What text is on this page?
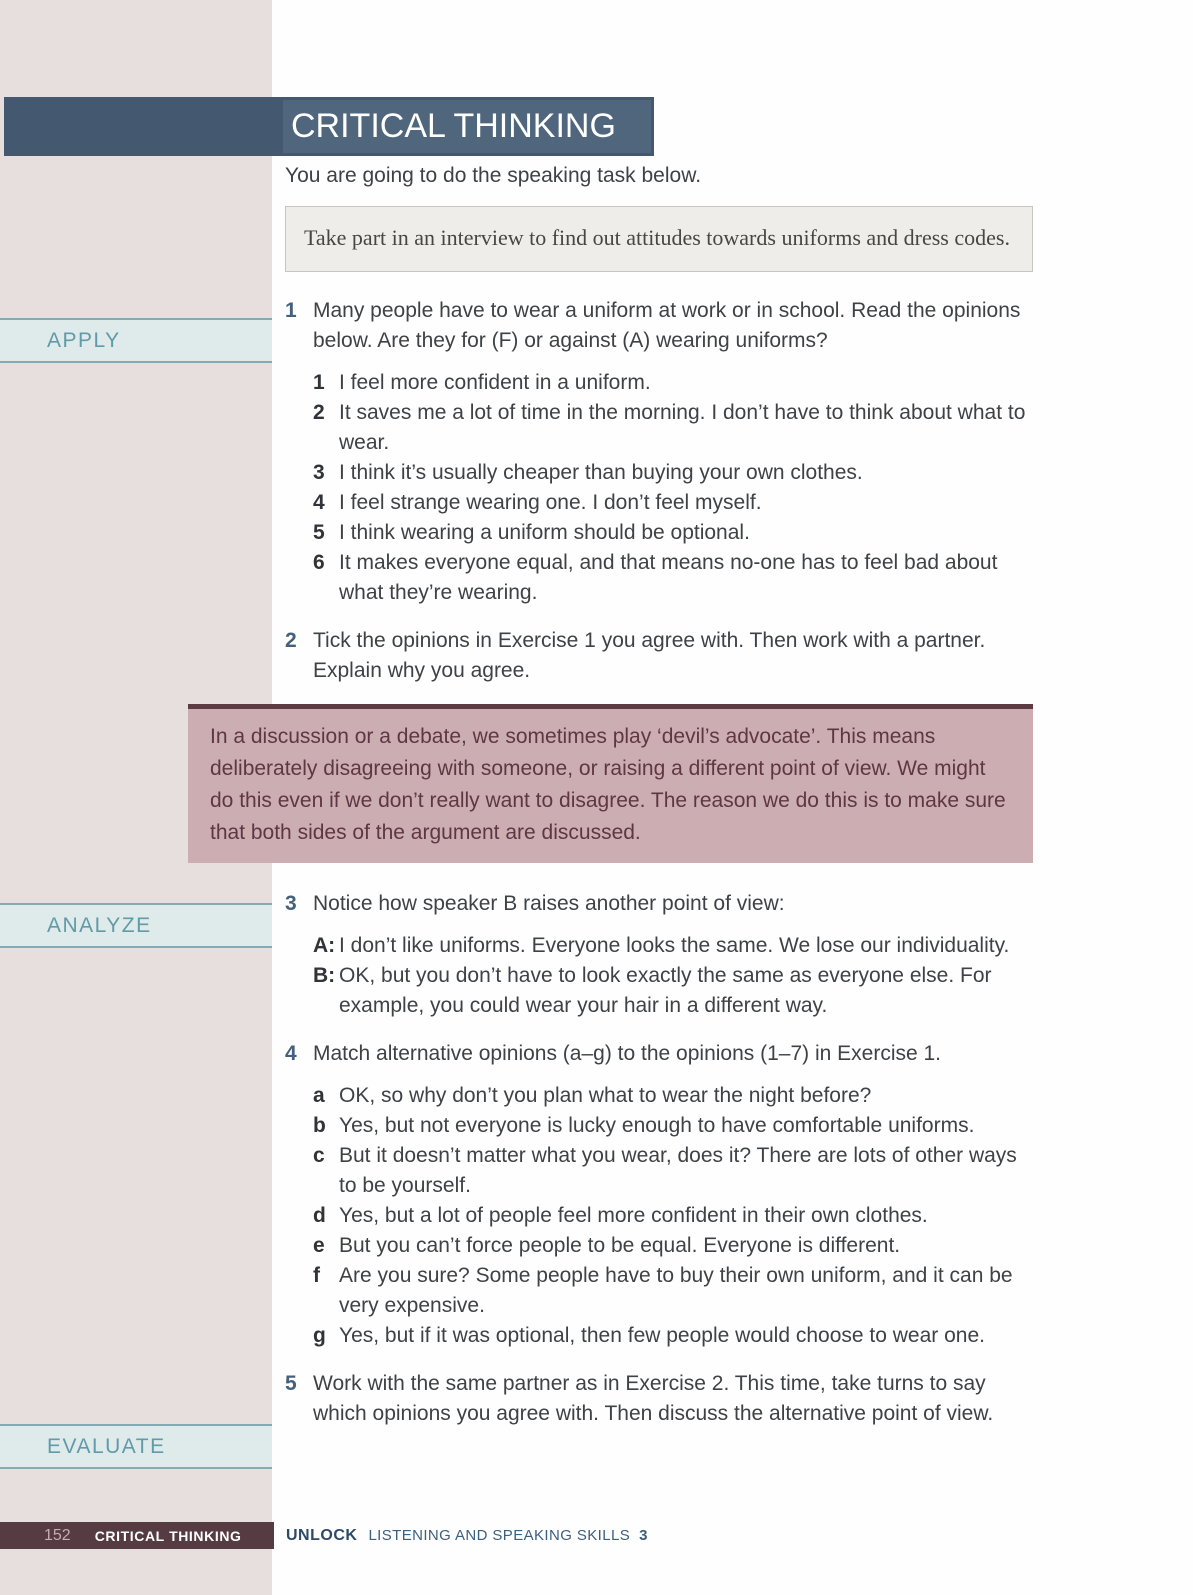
CRITICAL THINKING
APPLY
ANALYZE
EVALUATE
You are going to do the speaking task below.
Take part in an interview to find out attitudes towards uniforms and dress codes.
1 Many people have to wear a uniform at work or in school. Read the opinions below. Are they for (F) or against (A) wearing uniforms?
1 I feel more confident in a uniform.
2 It saves me a lot of time in the morning. I don’t have to think about what to wear.
3 I think it’s usually cheaper than buying your own clothes.
4 I feel strange wearing one. I don’t feel myself.
5 I think wearing a uniform should be optional.
6 It makes everyone equal, and that means no-one has to feel bad about what they’re wearing.
2 Tick the opinions in Exercise 1 you agree with. Then work with a partner. Explain why you agree.
In a discussion or a debate, we sometimes play ‘devil’s advocate’. This means deliberately disagreeing with someone, or raising a different point of view. We might do this even if we don’t really want to disagree. The reason we do this is to make sure that both sides of the argument are discussed.
3 Notice how speaker B raises another point of view:
A: I don’t like uniforms. Everyone looks the same. We lose our individuality.
B: OK, but you don’t have to look exactly the same as everyone else. For example, you could wear your hair in a different way.
4 Match alternative opinions (a–g) to the opinions (1–7) in Exercise 1.
a OK, so why don’t you plan what to wear the night before?
b Yes, but not everyone is lucky enough to have comfortable uniforms.
c But it doesn’t matter what you wear, does it? There are lots of other ways to be yourself.
d Yes, but a lot of people feel more confident in their own clothes.
e But you can’t force people to be equal. Everyone is different.
f Are you sure? Some people have to buy their own uniform, and it can be very expensive.
g Yes, but if it was optional, then few people would choose to wear one.
5 Work with the same partner as in Exercise 2. This time, take turns to say which opinions you agree with. Then discuss the alternative point of view.
152 CRITICAL THINKING	UNLOCK LISTENING AND SPEAKING SKILLS 3
